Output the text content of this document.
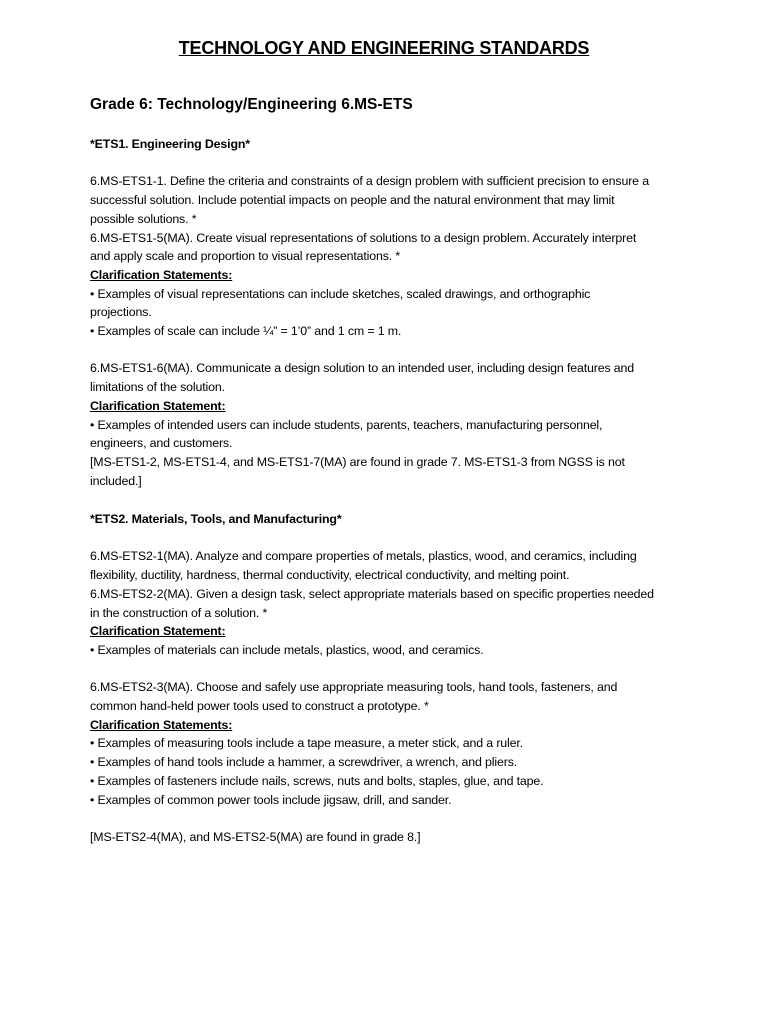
TECHNOLOGY AND ENGINEERING STANDARDS
Grade 6: Technology/Engineering 6.MS-ETS

*ETS1. Engineering Design*

6.MS-ETS1-1. Define the criteria and constraints of a design problem with sufficient precision to ensure a

successful solution. Include potential impacts on people and the natural environment that may limit

possible solutions. *

6.MS-ETS1-5(MA). Create visual representations of solutions to a design problem. Accurately interpret

and apply scale and proportion to visual representations. *

Clarification Statements:

• Examples of visual representations can include sketches, scaled drawings, and orthographic

projections.

• Examples of scale can include ¼” = 1’0” and 1 cm = 1 m.

6.MS-ETS1-6(MA). Communicate a design solution to an intended user, including design features and

limitations of the solution.

Clarification Statement:

• Examples of intended users can include students, parents, teachers, manufacturing personnel,

engineers, and customers.

[MS-ETS1-2, MS-ETS1-4, and MS-ETS1-7(MA) are found in grade 7. MS-ETS1-3 from NGSS is not

included.]

*ETS2. Materials, Tools, and Manufacturing*

6.MS-ETS2-1(MA). Analyze and compare properties of metals, plastics, wood, and ceramics, including

flexibility, ductility, hardness, thermal conductivity, electrical conductivity, and melting point.

6.MS-ETS2-2(MA). Given a design task, select appropriate materials based on specific properties needed

in the construction of a solution. *

Clarification Statement:

• Examples of materials can include metals, plastics, wood, and ceramics.

6.MS-ETS2-3(MA). Choose and safely use appropriate measuring tools, hand tools, fasteners, and

common hand-held power tools used to construct a prototype. *

Clarification Statements:

• Examples of measuring tools include a tape measure, a meter stick, and a ruler.

• Examples of hand tools include a hammer, a screwdriver, a wrench, and pliers.

• Examples of fasteners include nails, screws, nuts and bolts, staples, glue, and tape.

• Examples of common power tools include jigsaw, drill, and sander.

[MS-ETS2-4(MA), and MS-ETS2-5(MA) are found in grade 8.]
